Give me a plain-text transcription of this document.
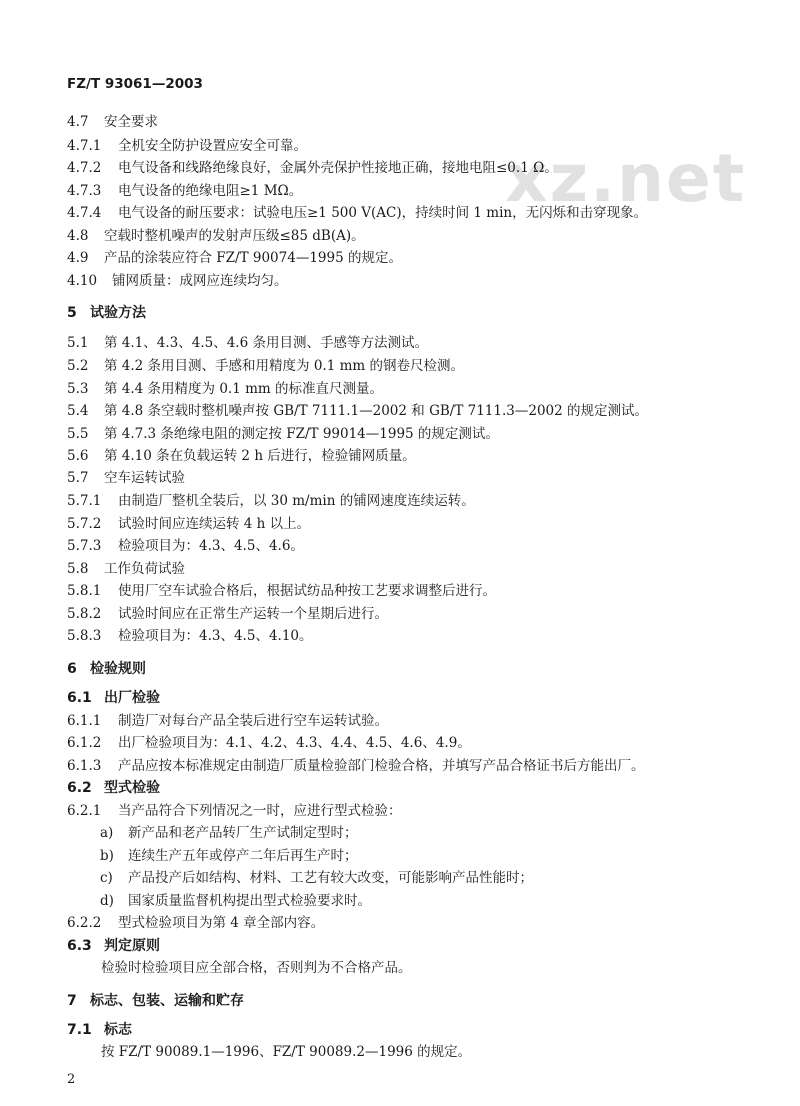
FZ/T 93061—2003
xz.net
4.7 安全要求
4.7.1 全机安全防护设置应安全可靠。
4.7.2 电气设备和线路绝缘良好，金属外壳保护性接地正确，接地电阻≤0.1 Ω。
4.7.3 电气设备的绝缘电阻≥1 MΩ。
4.7.4 电气设备的耐压要求：试验电压≥1 500 V(AC)，持续时间 1 min，无闪烁和击穿现象。
4.8 空载时整机噪声的发射声压级≤85 dB(A)。
4.9 产品的涂装应符合 FZ/T 90074—1995 的规定。
4.10 铺网质量：成网应连续均匀。
5 试验方法
5.1 第 4.1、4.3、4.5、4.6 条用目测、手感等方法测试。
5.2 第 4.2 条用目测、手感和用精度为 0.1 mm 的钢卷尺检测。
5.3 第 4.4 条用精度为 0.1 mm 的标准直尺测量。
5.4 第 4.8 条空载时整机噪声按 GB/T 7111.1—2002 和 GB/T 7111.3—2002 的规定测试。
5.5 第 4.7.3 条绝缘电阻的测定按 FZ/T 99014—1995 的规定测试。
5.6 第 4.10 条在负载运转 2 h 后进行，检验铺网质量。
5.7 空车运转试验
5.7.1 由制造厂整机全装后，以 30 m/min 的铺网速度连续运转。
5.7.2 试验时间应连续运转 4 h 以上。
5.7.3 检验项目为：4.3、4.5、4.6。
5.8 工作负荷试验
5.8.1 使用厂空车试验合格后，根据试纺品种按工艺要求调整后进行。
5.8.2 试验时间应在正常生产运转一个星期后进行。
5.8.3 检验项目为：4.3、4.5、4.10。
6 检验规则
6.1 出厂检验
6.1.1 制造厂对每台产品全装后进行空车运转试验。
6.1.2 出厂检验项目为：4.1、4.2、4.3、4.4、4.5、4.6、4.9。
6.1.3 产品应按本标准规定由制造厂质量检验部门检验合格，并填写产品合格证书后方能出厂。
6.2 型式检验
6.2.1 当产品符合下列情况之一时，应进行型式检验：
a) 新产品和老产品转厂生产试制定型时；
b) 连续生产五年或停产二年后再生产时；
c) 产品投产后如结构、材料、工艺有较大改变，可能影响产品性能时；
d) 国家质量监督机构提出型式检验要求时。
6.2.2 型式检验项目为第 4 章全部内容。
6.3 判定原则
检验时检验项目应全部合格，否则判为不合格产品。
7 标志、包装、运输和贮存
7.1 标志
按 FZ/T 90089.1—1996、FZ/T 90089.2—1996 的规定。
2
